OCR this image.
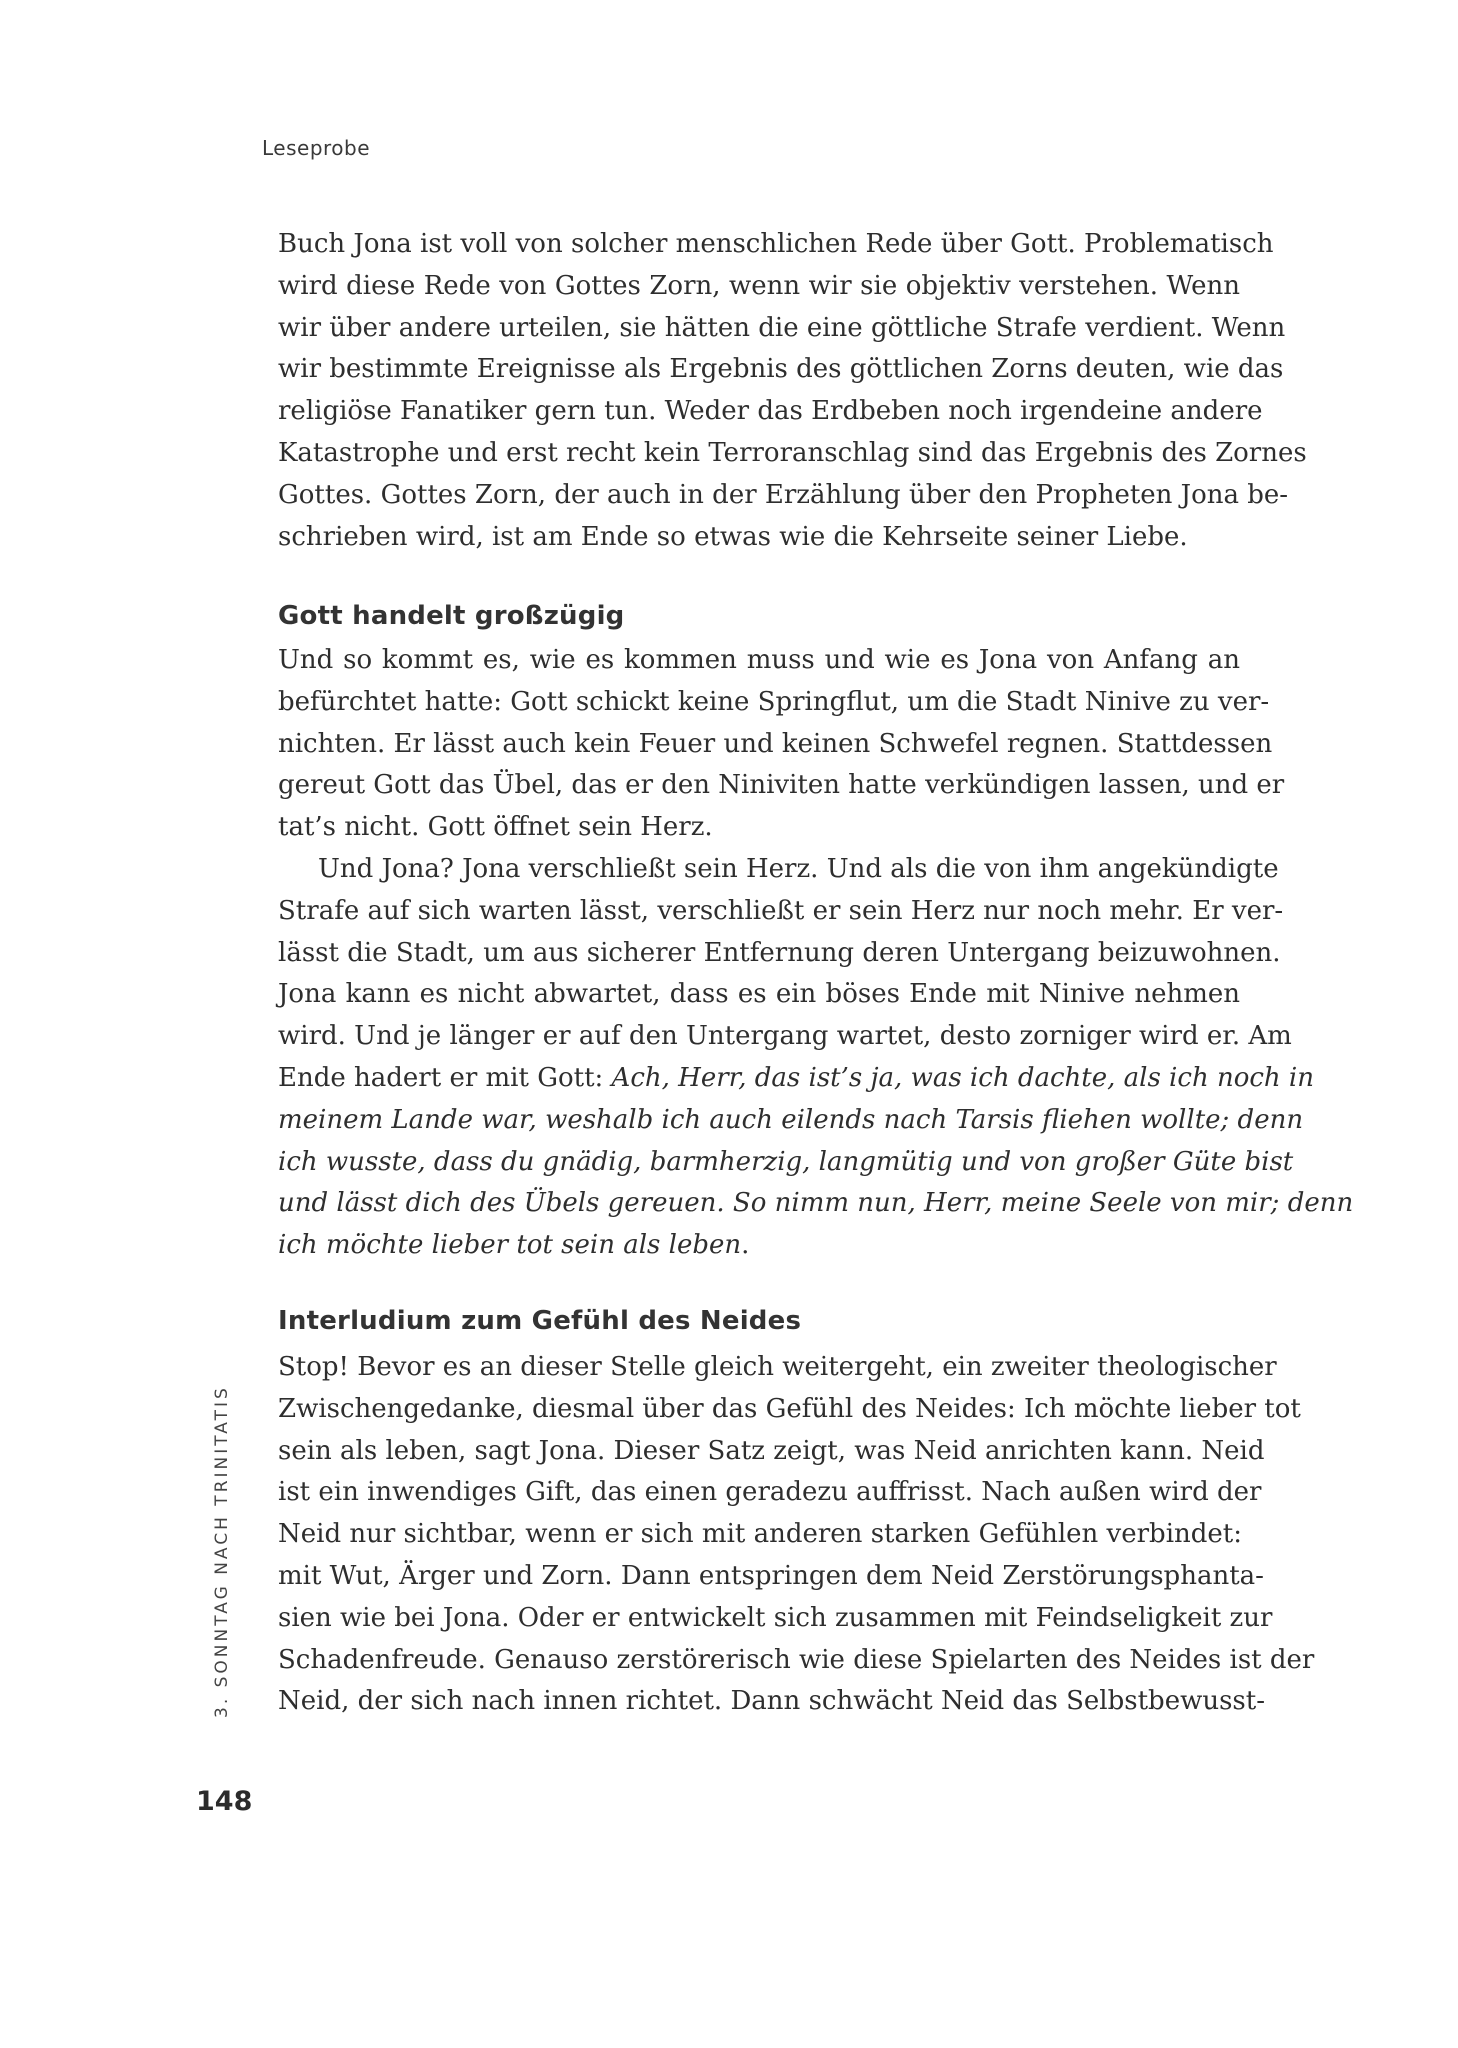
Leseprobe
Buch Jona ist voll von solcher menschlichen Rede über Gott. Problematisch
wird diese Rede von Gottes Zorn, wenn wir sie objektiv verstehen. Wenn
wir über andere urteilen, sie hätten die eine göttliche Strafe verdient. Wenn
wir bestimmte Ereignisse als Ergebnis des göttlichen Zorns deuten, wie das
religiöse Fanatiker gern tun. Weder das Erdbeben noch irgendeine andere
Katastrophe und erst recht kein Terroranschlag sind das Ergebnis des Zornes
Gottes. Gottes Zorn, der auch in der Erzählung über den Propheten Jona be-
schrieben wird, ist am Ende so etwas wie die Kehrseite seiner Liebe.
Gott handelt großzügig
Und so kommt es, wie es kommen muss und wie es Jona von Anfang an
befürchtet hatte: Gott schickt keine Springflut, um die Stadt Ninive zu ver-
nichten. Er lässt auch kein Feuer und keinen Schwefel regnen. Stattdessen
gereut Gott das Übel, das er den Niniviten hatte verkündigen lassen, und er
tat’s nicht. Gott öffnet sein Herz.
Und Jona? Jona verschließt sein Herz. Und als die von ihm angekündigte
Strafe auf sich warten lässt, verschließt er sein Herz nur noch mehr. Er ver-
lässt die Stadt, um aus sicherer Entfernung deren Untergang beizuwohnen.
Jona kann es nicht abwartet, dass es ein böses Ende mit Ninive nehmen
wird. Und je länger er auf den Untergang wartet, desto zorniger wird er. Am
Ende hadert er mit Gott: Ach, Herr, das ist’s ja, was ich dachte, als ich noch in
meinem Lande war, weshalb ich auch eilends nach Tarsis fliehen wollte; denn
ich wusste, dass du gnädig, barmherzig, langmütig und von großer Güte bist
und lässt dich des Übels gereuen. So nimm nun, Herr, meine Seele von mir; denn
ich möchte lieber tot sein als leben.
Interludium zum Gefühl des Neides
Stop! Bevor es an dieser Stelle gleich weitergeht, ein zweiter theologischer
Zwischengedanke, diesmal über das Gefühl des Neides: Ich möchte lieber tot
sein als leben, sagt Jona. Dieser Satz zeigt, was Neid anrichten kann. Neid
ist ein inwendiges Gift, das einen geradezu auffrisst. Nach außen wird der
Neid nur sichtbar, wenn er sich mit anderen starken Gefühlen verbindet:
mit Wut, Ärger und Zorn. Dann entspringen dem Neid Zerstörungsphanta-
sien wie bei Jona. Oder er entwickelt sich zusammen mit Feindseligkeit zur
Schadenfreude. Genauso zerstörerisch wie diese Spielarten des Neides ist der
Neid, der sich nach innen richtet. Dann schwächt Neid das Selbstbewusst-
3. SONNTAG NACH TRINITATIS
148
